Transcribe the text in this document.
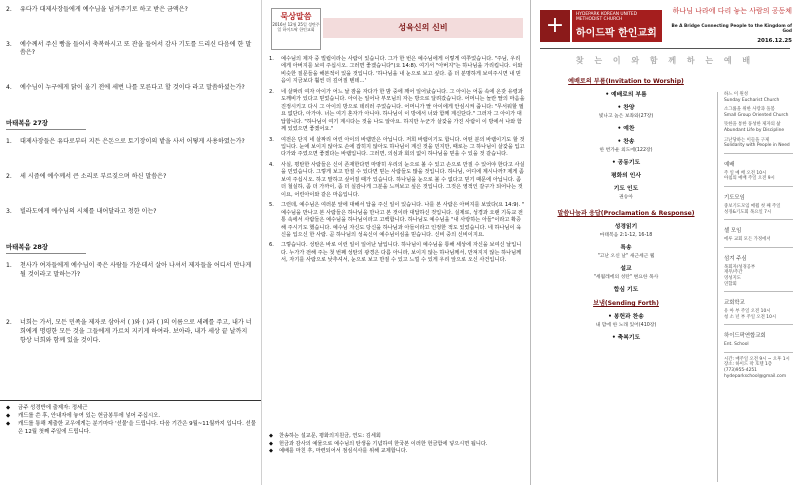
2.	유다가 대제사장들에게 예수님을 넘겨주기로 하고 받은 금액은?
3.	예수께서 주신 빵을 들어서 축복하시고 또 잔을 들어서 감사 기도를 드리신 다음에 한 말씀은?
4.	예수님이 누구에게 닭이 울기 전에 세번 나를 모른다고 할 것이다 라고 말씀하셨는가?
마태복음 27장
1.	대제사장들은 유다로부터 지든 은돈으로 토기장이의 밭을 사서 어떻게 사용하였는가?
2.	세 시즘에 예수께서 큰 소리로 부르짖으며 하신 말씀은?
3.	빌라도에게 예수님의 시체를 내어달라고 청한 이는?
마태복음 28장
1.	천사가 여자들에게 예수님이 죽은 사람들 가운데서 살아 나셔서 제자들을 어디서 만나게 될 것이라고 말하는가?
2.	너희는 가서, 모든 민족을 제자로 삼아서 ( )와 ( )과 ( )의 이름으로 세례를 주고, 내가 너희에게 명령한 모든 것을 그들에게 가르치 지키게 하여라. 보아라, 내가 세상 끝 날까지 항상 너희와 함께 있을 것이다.
◆	금주 성경반에 출제자: 정세근
◆	캐드를 쓴 후, 안내자에 놓여 있는 헌금봉투에 넣어 주십시오.
◆	캐드를 통해 제출한 교우에게는 분기마다 '선물'을 드립니다. 다음 기간은 9월~11월까지 입니다. 선물은 12월 첫째 주일에 드립니다.
묵상말씀
2016년 12월 25일 성탄주일 하이드팍 한인교회	성육신의 신비
1.	예수님의 제자 중 빌립이라는 사람이 있습니다. 그가 한 번은 예수님에게 이렇게 여쭈었습니다. "주님, 우리에게 아버지를 보여 주십시오. 그러면 좋겠습니다"(요 14:8). 여기서 "아버지"는 하나님을 가리킵니다. 이와 비슷한 질문들을 해본적이 있을 것입니다. '하나님을 내 눈으로 보고 싶다. 좀 더 분명하게 보여주시면 내 믿음이 지금보다 훨씬 더 깊어질 텐데…'
2.	네 살짜리 여자 아이가 어느 날 잠을 자다가 한 밤 중에 깨어 일어났습니다. 그 아이는 어둠 속에 온갖 유령과 도깨비가 있다고 믿었습니다. 아이는 일어나 부모님의 자는 방으로 달려갔습니다. 어머니는 놀란 딸의 마음을 진정시키고 다시 그 아이의 방으로 데리러 주었습니다. 어머니가 딸 아이에게 안심시켜 줍니다: "무서워할 필요 없단다, 아가야. 너는 여기 혼자가 아니야. 하나님이 이 방에서 너와 함께 계신단다." 그러자 그 아이가 대답합니다. "하나님이 여기 계시다는 것을 나도 알아요. 하지만 누군가 살갗을 가진 사람이 이 방에서 나와 함께 있었으면 좋겠어요."
3.	여전은 단지 네 살짜리 어린 아이의 바램만은 아닙니다. 저희 바램이기도 합니다. 어떤 분의 바램이기도 할 것입니다. 눈에 보이지 않아도 손에 잡히지 않아도 하나님이 계신 것을 민지만, 때로는 그 하나님이 살갗을 입고 다가와 주었으면 좋겠다는 바램입니다. 그러면, 의심과 회의 없이 하나님을 믿을 수 있을 것 같습니다.
4.	사실, 평탄한 사람들은 신이 존재한다면 마땅히 우리의 눈으로 볼 수 있고 손으로 만질 수 있어야 한다고 사실을 민었습니다. 그렇게 보고 만질 수 있다면 믿는 사람들도 많을 것입니다. 하나님, 어디에 계시나까? 제게 좀 보여 주십시오. 하고 말하고 싶어질 때가 있습니다. 하나님을 눈으로 볼 수 없다고 믿기 때문에 아닙니다. 좀 더 철실하, 좀 더 가까이, 좀 더 실감나게 그분을 느껴보고 싶은 것입니다. 그것은 영적인 갈구가 되어나는 것이요, 어린아이와 같은 마음입니다.
5.	그런데, 예수님은 여러분 앞에 대해서 답을 주신 일이 있습니다. 나를 본 사람은 아버지를 보았다(요 14:9). " 예수님을 만나고 본 사람들은 하나님을 만나고 본 것이라 대답하신 것입니다. 실제로, 성경과 오랜 기독교 전통 속에서 사람들은 예수님을 하나님이라고 고백합니다. 하나님도 예수님을 "내 사랑하는 아들"이라고 확증해 주시기도 했습니다. 예수님 자신도 당신을 하나님과 아들이라고 인정한 적도 있었습니다. 네 하나님이 육신을 입으신 한 사람. 곧 하나님의 성육신이 예수님이심을 믿습니다. 신비 중의 신비이지요.
6.	그렇습니다. 성탄은 바로 이런 일이 일어난 날입니다. 하나님이 예수님을 통해 세상에 자신을 보여신 날입니다. 누가가 전해 주는 첫 번째 성탄의 광경은 다름 아니라, 보이지 않는 하나님께서, 만져지지 않는 하나님께서, 자기를 사람으로 낮추셔서, 눈으로 보고 만질 수 있고 느낄 수 있게 우리 앞으로 오신 사건입니다.
◆	찬송하는 설교문, 평화의지원금, 연도: 김세회
◆	헌금과 감사의 예물으로 예수님의 탄생을 기념하여 한국본 이러한 헌금함에 넣으시면 됩니다.
◆	예배를 마친 후, 마련되어서 점심식사를 위해 교제합니다.
+	HYDEPARK KOREAN UNITED METHODIST CHURCH
하이드팍 한인교회
하나님 나라에 다리 놓는 사람의 공동체
Be A Bridge Connecting People to the Kingdom of God
2016.12.25
찾 는 이 와 함 께 하 는 예 배
예배로의 부름(Invitation to Worship)
• 예배로의 부름
• 찬양
빛나고 높은 보좌와(27장)
• 예찬
• 찬송
한 번가운 외도에(122장)
• 공동기도
평화의 인사
기도 인도
권승아
말씀나눔과 응답(Proclamation & Response)
성경읽기
마태복음 2:1-12, 16-18
특송
"고난 오신 날" 새근세근 웹
설교
"세월레에의 성탄" 변요한 목사
합심 기도
보냄(Sending Forth)
• 봉헌과 찬송
내 맘에 한 노래 있어(410장)
• 축복기도
하느 이 원성
Sunday Eucharist Church
소그룹을 위한 사랑과 돌봄
Small Group Oriented Church
뜻한을 통한 풍성한 제자의 삶
Abundant Life by Discipline
고난당하는 이들을 구제
Solidarity with People in Need
예배
주 일 예 배 오전 10시
아침의 예배 주일 오전 9시
기도모임
중보기도모임 매월 첫 째 주일
성경&기도회 목요일 7시
셀 모임
에루 교회 모든 가정에서
섬겨 주심
목회자/성경공부
재무/주간
영성지도
연합회
교회학교
유 아 부 주일 오전 10시
청 소 년 부 주일 오전 10시
하이드팍연합교회
Ent. School
시간: 매주일 오전 9시 ~ 오후 1시
장소: 하이드 팍 호텔 1층
(773)955-4251
hydeparkschool@gmail.com
